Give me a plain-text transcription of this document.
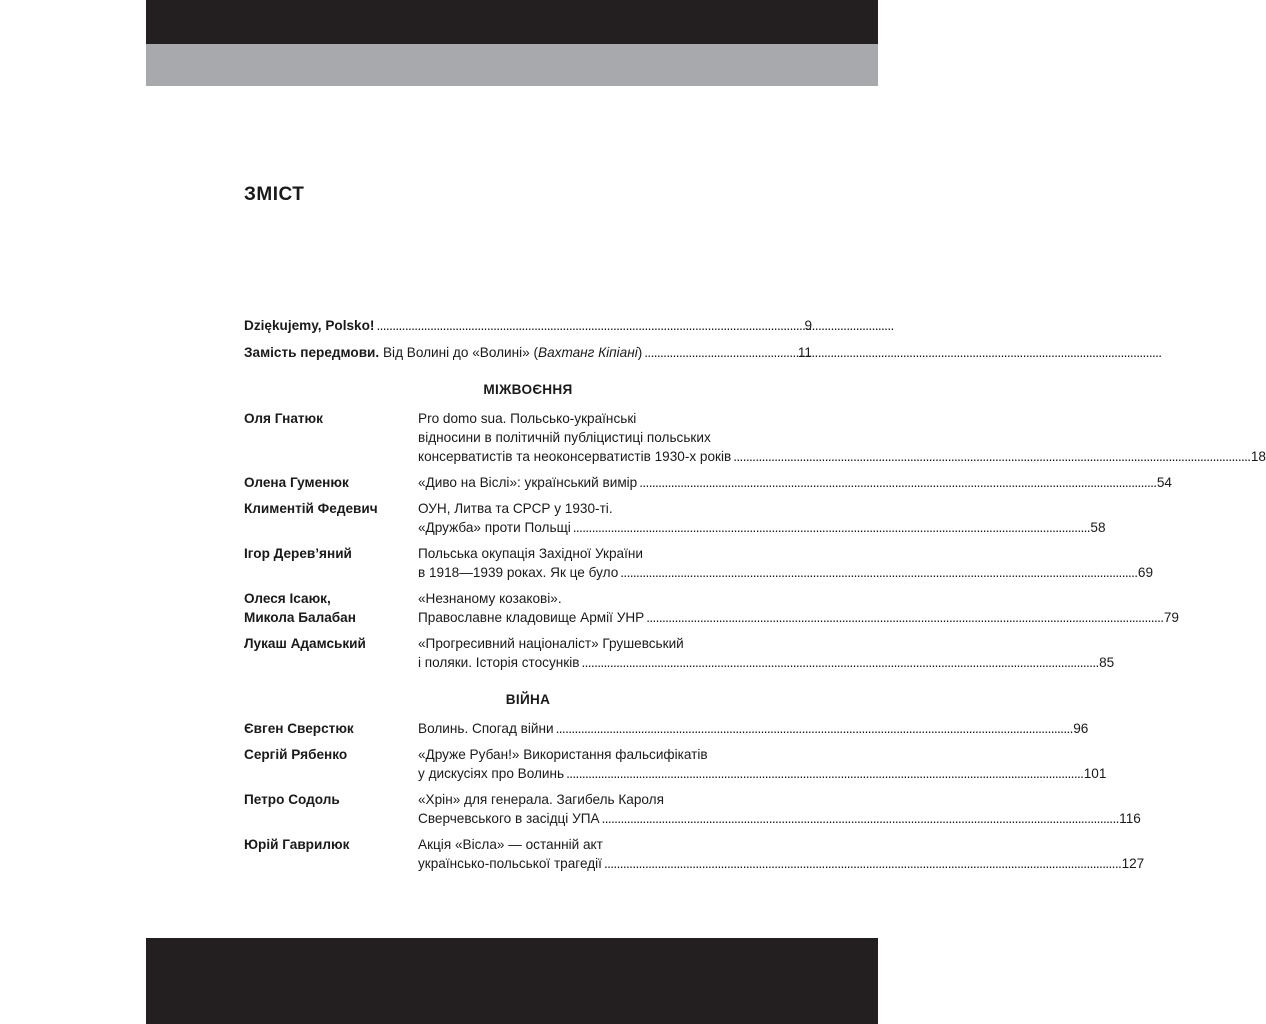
ЗМІСТ
Dziękujemy, Polsko! . . .	9
Замість передмови. Від Волині до «Волині» (Вахтанг Кіпіані) . . .	11
МІЖВОЄННЯ
Оля Гнатюк	Pro domo sua. Польсько-українські
відносини в політичній публіцистиці польських
консерватистів та неоконсерватистів 1930-х років . . .	18
Олена Гуменюк	«Диво на Віслі»: український вимір . . .	54
Климентій Федевич	ОУН, Литва та СРСР у 1930-ті.
«Дружба» проти Польщі . . .	58
Ігор Дерев’яний	Польська окупація Західної України
в 1918—1939 роках. Як це було . . .	69
Олеся Ісаюк,
Микола Балабан
«Незнаному козакові».
Православне кладовище Армії УНР . . .	79
Лукаш Адамський	«Прогресивний націоналіст» Грушевський
і поляки. Історія стосунків . . .	85
ВІЙНА
Євген Сверстюк	Волинь. Спогад війни . . .	96
Сергій Рябенко	«Друже Рубан!» Використання фальсифікатів
у дискусіях про Волинь . . .	101
Петро Содоль	«Хрін» для генерала. Загибель Кароля
Сверчевського в засідці УПА . . .	116
Юрій Гаврилюк	Акція «Вісла» — останній акт
українсько-польської трагедії . . .	127
